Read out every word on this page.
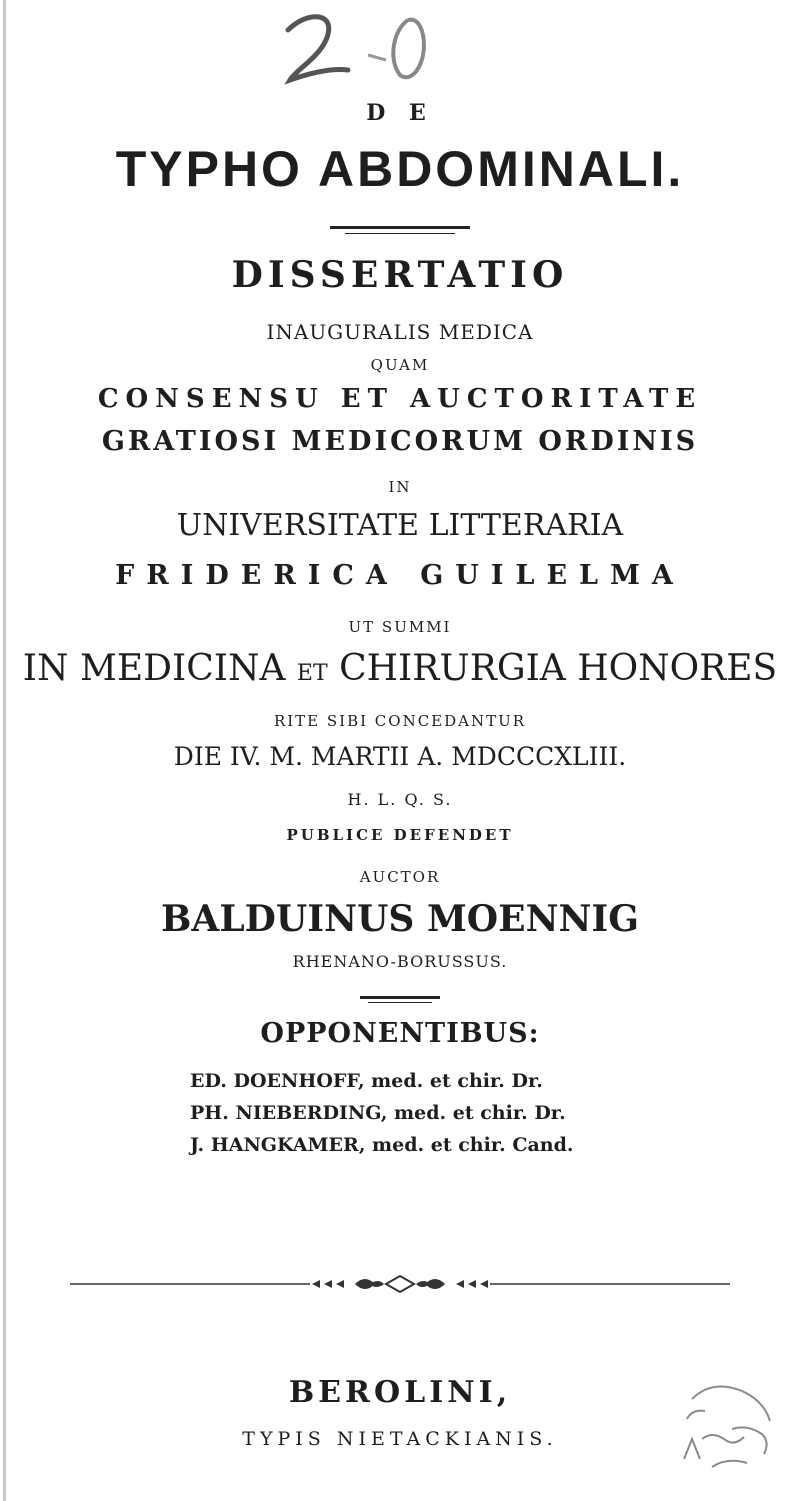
D E
TYPHO ABDOMINALI.
DISSERTATIO
INAUGURALIS MEDICA
QUAM
CONSENSU ET AUCTORITATE
GRATIOSI MEDICORUM ORDINIS
IN
UNIVERSITATE LITTERARIA
FRIDERICA GUILELMA
UT SUMMI
IN MEDICINA ET CHIRURGIA HONORES
RITE SIBI CONCEDANTUR
DIE IV. M. MARTII A. MDCCCXLIII.
H. L. Q. S.
PUBLICE DEFENDET
AUCTOR
BALDUINUS MOENNIG
RHENANO-BORUSSUS.
OPPONENTIBUS:
ED. DOENHOFF, med. et chir. Dr.
PH. NIEBERDING, med. et chir. Dr.
J. HANGKAMER, med. et chir. Cand.
BEROLINI,
TYPIS NIETACKIANIS.
